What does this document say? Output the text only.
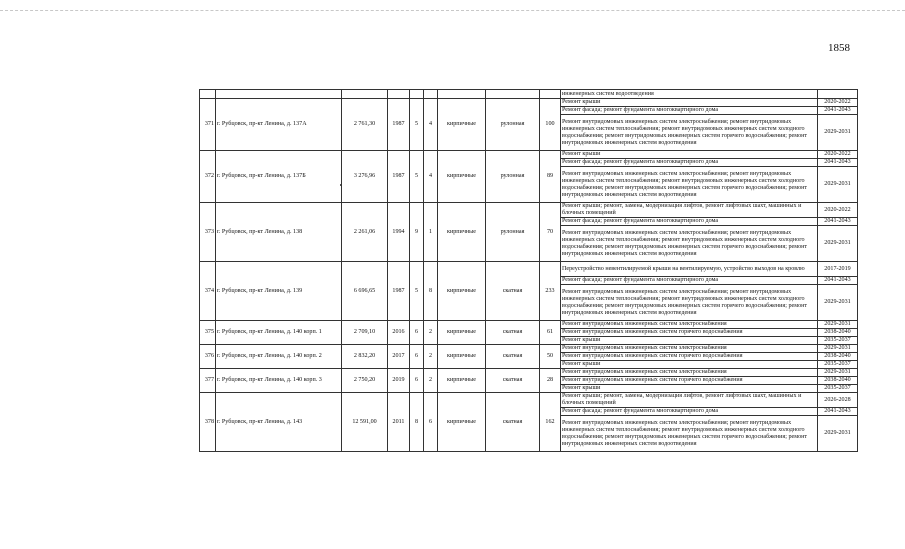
1858
									инженерных систем водоотведения	
371	г. Рубцовск, пр-кт Ленина, д. 137А	2 761,30	1987	5	4	кирпичные	рулонная	100	Ремонт крыши	2020-2022
									Ремонт фасада; ремонт фундамента многоквартирного дома	2041-2043
									Ремонт внутридомовых инженерных систем электроснабжения; ремонт внутридомовых инженерных систем теплоснабжения; ремонт внутридомовых инженерных систем холодного водоснабжения; ремонт внутридомовых инженерных систем горячего водоснабжения; ремонт внутридомовых инженерных систем водоотведения	2029-2031
372	г. Рубцовск, пр-кт Ленина, д. 137Б	3 276,96	1987	5	4	кирпичные	рулонная	89	Ремонт крыши	2020-2022
									Ремонт фасада; ремонт фундамента многоквартирного дома	2041-2043
									Ремонт внутридомовых инженерных систем электроснабжения; ремонт внутридомовых инженерных систем теплоснабжения; ремонт внутридомовых инженерных систем холодного водоснабжения; ремонт внутридомовых инженерных систем горячего водоснабжения; ремонт внутридомовых инженерных систем водоотведения	2029-2031
373	г. Рубцовск, пр-кт Ленина, д. 138	2 261,06	1994	9	1	кирпичные	рулонная	70	Ремонт крыши; ремонт, замена, модернизация лифтов, ремонт лифтовых шахт, машинных и блочных помещений	2020-2022
									Ремонт фасада; ремонт фундамента многоквартирного дома	2041-2043
									Ремонт внутридомовых инженерных систем электроснабжения; ремонт внутридомовых инженерных систем теплоснабжения; ремонт внутридомовых инженерных систем холодного водоснабжения; ремонт внутридомовых инженерных систем горячего водоснабжения; ремонт внутридомовых инженерных систем водоотведения	2029-2031
374	г. Рубцовск, пр-кт Ленина, д. 139	6 696,65	1987	5	8	кирпичные	скатная	233	Переустройство невентилируемой крыши на вентилируемую, устройство выходов на кровлю	2017-2019
									Ремонт фасада; ремонт фундамента многоквартирного дома	2041-2043
									Ремонт внутридомовых инженерных систем электроснабжения; ремонт внутридомовых инженерных систем теплоснабжения; ремонт внутридомовых инженерных систем холодного водоснабжения; ремонт внутридомовых инженерных систем горячего водоснабжения; ремонт внутридомовых инженерных систем водоотведения	2029-2031
375	г. Рубцовск, пр-кт Ленина, д. 140 корп. 1	2 709,10	2016	6	2	кирпичные	скатная	61	Ремонт внутридомовых инженерных систем электроснабжения	2029-2031
									Ремонт внутридомовых инженерных систем горячего водоснабжения	2038-2040
									Ремонт крыши	2035-2037
376	г. Рубцовск, пр-кт Ленина, д. 140 корп. 2	2 832,20	2017	6	2	кирпичные	скатная	50	Ремонт внутридомовых инженерных систем электроснабжения	2029-2031
									Ремонт внутридомовых инженерных систем горячего водоснабжения	2038-2040
									Ремонт крыши	2035-2037
377	г. Рубцовск, пр-кт Ленина, д. 140 корп. 3	2 750,20	2019	6	2	кирпичные	скатная	28	Ремонт внутридомовых инженерных систем электроснабжения	2029-2031
									Ремонт внутридомовых инженерных систем горячего водоснабжения	2038-2040
									Ремонт крыши	2035-2037
378	г. Рубцовск, пр-кт Ленина, д. 143	12 591,00	2011	8	6	кирпичные	скатная	162	Ремонт крыши; ремонт, замена, модернизация лифтов, ремонт лифтовых шахт, машинных и блочных помещений	2026-2028
									Ремонт фасада; ремонт фундамента многоквартирного дома	2041-2043
									Ремонт внутридомовых инженерных систем электроснабжения; ремонт внутридомовых инженерных систем теплоснабжения; ремонт внутридомовых инженерных систем холодного водоснабжения; ремонт внутридомовых инженерных систем горячего водоснабжения; ремонт внутридомовых инженерных систем водоотведения	2029-2031
